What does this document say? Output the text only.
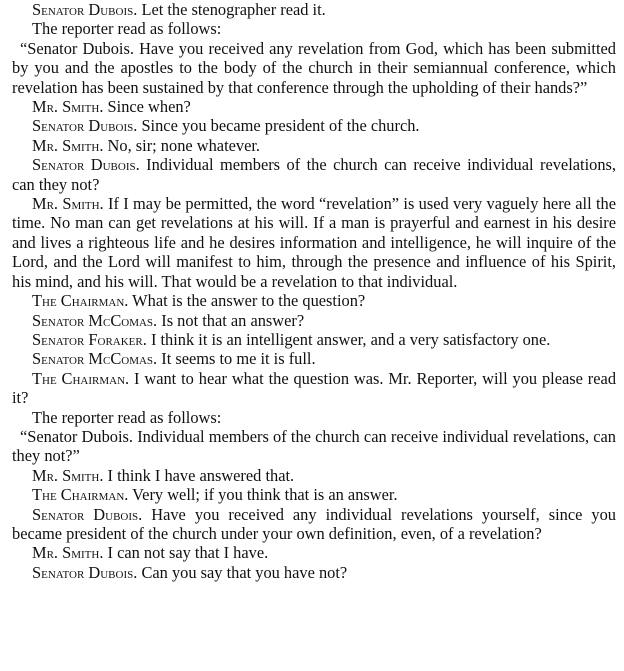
Senator Dubois. Let the stenographer read it.

The reporter read as follows:

“Senator Dubois. Have you received any revelation from God, which has been submitted by you and the apostles to the body of the church in their semiannual conference, which revelation has been sustained by that conference through the upholding of their hands?”

Mr. Smith. Since when?

Senator Dubois. Since you became president of the church.

Mr. Smith. No, sir; none whatever.

Senator Dubois. Individual members of the church can receive individual revelations, can they not?

Mr. Smith. If I may be permitted, the word “revelation” is used very vaguely here all the time. No man can get revelations at his will. If a man is prayerful and earnest in his desire and lives a righteous life and he desires information and intelligence, he will inquire of the Lord, and the Lord will manifest to him, through the presence and influence of his Spirit, his mind, and his will. That would be a revelation to that individual.

The Chairman. What is the answer to the question?

Senator McComas. Is not that an answer?

Senator Foraker. I think it is an intelligent answer, and a very satisfactory one.

Senator McComas. It seems to me it is full.

The Chairman. I want to hear what the question was. Mr. Reporter, will you please read it?

The reporter read as follows:

“Senator Dubois. Individual members of the church can receive individual revelations, can they not?”

Mr. Smith. I think I have answered that.

The Chairman. Very well; if you think that is an answer.

Senator Dubois. Have you received any individual revelations yourself, since you became president of the church under your own definition, even, of a revelation?

Mr. Smith. I can not say that I have.

Senator Dubois. Can you say that you have not?
